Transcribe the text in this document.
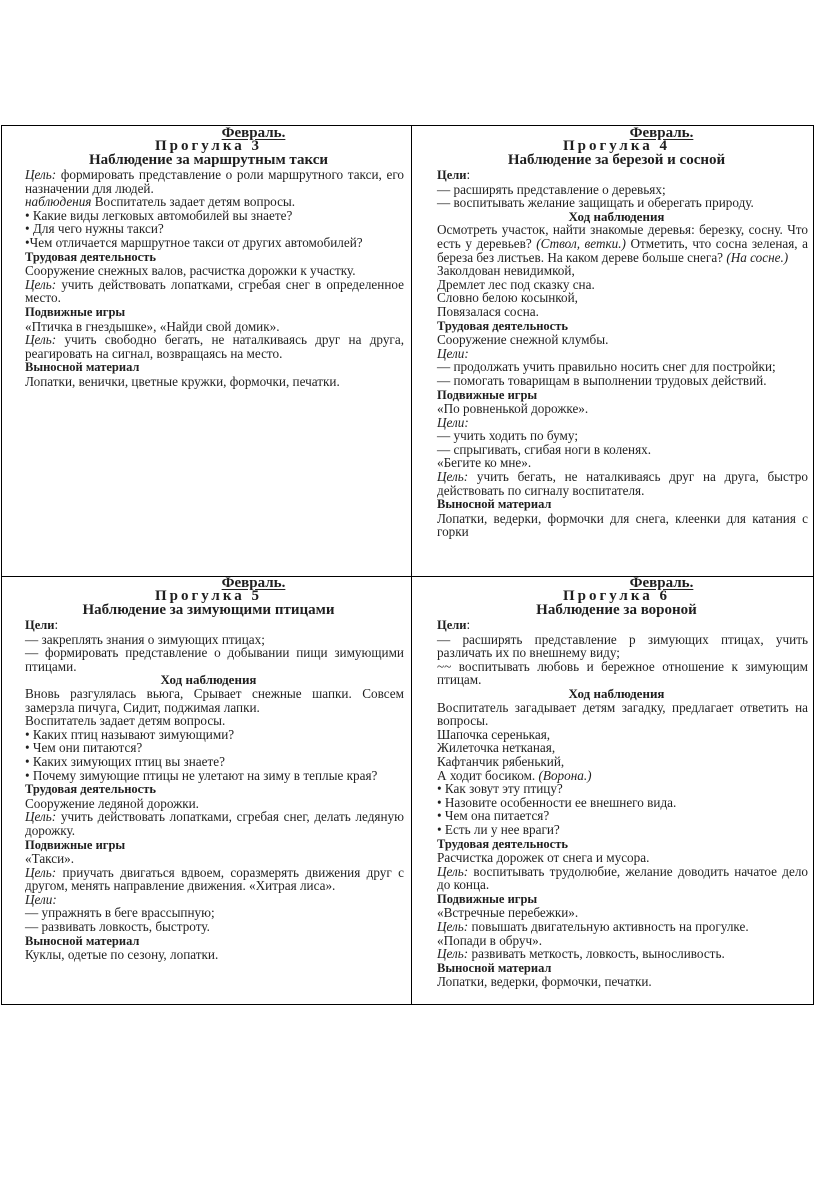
Февраль.
Прогулка 3
Наблюдение за маршрутным такси
Цель: формировать представление о роли маршрутного такси, его назначении для людей.
наблюдения Воспитатель задает детям вопросы.
• Какие виды легковых автомобилей вы знаете?
• Для чего нужны такси?
•Чем отличается маршрутное такси от других автомобилей?
Трудовая деятельность
Сооружение снежных валов, расчистка дорожки к участку.
Цель: учить действовать лопатками, сгребая снег в определенное место.
Подвижные игры
«Птичка в гнездышке», «Найди свой домик».
Цель: учить свободно бегать, не наталкиваясь друг на друга, реагировать на сигнал, возвращаясь на место.
Выносной материал
Лопатки, венички, цветные кружки, формочки, печатки.
Февраль.
Прогулка 4
Наблюдение за березой и сосной
Цели:
— расширять представление о деревьях;
— воспитывать желание защищать и оберегать природу.
Ход наблюдения
Осмотреть участок, найти знакомые деревья: березку, сосну. Что есть у деревьев? (Ствол, ветки.) Отметить, что сосна зеленая, а береза без листьев. На каком дереве больше снега? (На сосне.)
Заколдован невидимкой,
Дремлет лес под сказку сна.
Словно белою косынкой,
Повязалася сосна.
Трудовая деятельность
Сооружение снежной клумбы.
Цели:
— продолжать учить правильно носить снег для постройки;
— помогать товарищам в выполнении трудовых действий.
Подвижные игры
«По ровненькой дорожке».
Цели:
— учить ходить по буму;
— спрыгивать, сгибая ноги в коленях.
«Бегите ко мне».
Цель: учить бегать, не наталкиваясь друг на друга, быстро действовать по сигналу воспитателя.
Выносной материал
Лопатки, ведерки, формочки для снега, клеенки для катания с горки
Февраль.
Прогулка 5
Наблюдение за зимующими птицами
Цели:
— закреплять знания о зимующих птицах;
— формировать представление о добывании пищи зимующими птицами.
Ход наблюдения
Вновь разгулялась вьюга, Срывает снежные шапки. Совсем замерзла пичуга, Сидит, поджимая лапки.
Воспитатель задает детям вопросы.
• Каких птиц называют зимующими?
• Чем они питаются?
• Каких зимующих птиц вы знаете?
• Почему зимующие птицы не улетают на зиму в теплые края?
Трудовая деятельность
Сооружение ледяной дорожки.
Цель: учить действовать лопатками, сгребая снег, делать ледяную дорожку.
Подвижные игры
«Такси».
Цель: приучать двигаться вдвоем, соразмерять движения друг с другом, менять направление движения. «Хитрая лиса».
Цели:
— упражнять в беге врассыпную;
— развивать ловкость, быстроту.
Выносной материал
Куклы, одетые по сезону, лопатки.
Февраль.
Прогулка 6
Наблюдение за вороной
Цели:
— расширять представление р зимующих птицах, учить различать их по внешнему виду;
~~ воспитывать любовь и бережное отношение к зимующим птицам.
Ход наблюдения
Воспитатель загадывает детям загадку, предлагает ответить на вопросы.
Шапочка серенькая,
Жилеточка нетканая,
Кафтанчик рябенький,
А ходит босиком. (Ворона.)
• Как зовут эту птицу?
• Назовите особенности ее внешнего вида.
• Чем она питается?
• Есть ли у нее враги?
Трудовая деятельность
Расчистка дорожек от снега и мусора.
Цель: воспитывать трудолюбие, желание доводить начатое дело до конца.
Подвижные игры
«Встречные перебежки».
Цель: повышать двигательную активность на прогулке.
«Попади в обруч».
Цель: развивать меткость, ловкость, выносливость.
Выносной материал
Лопатки, ведерки, формочки, печатки.
